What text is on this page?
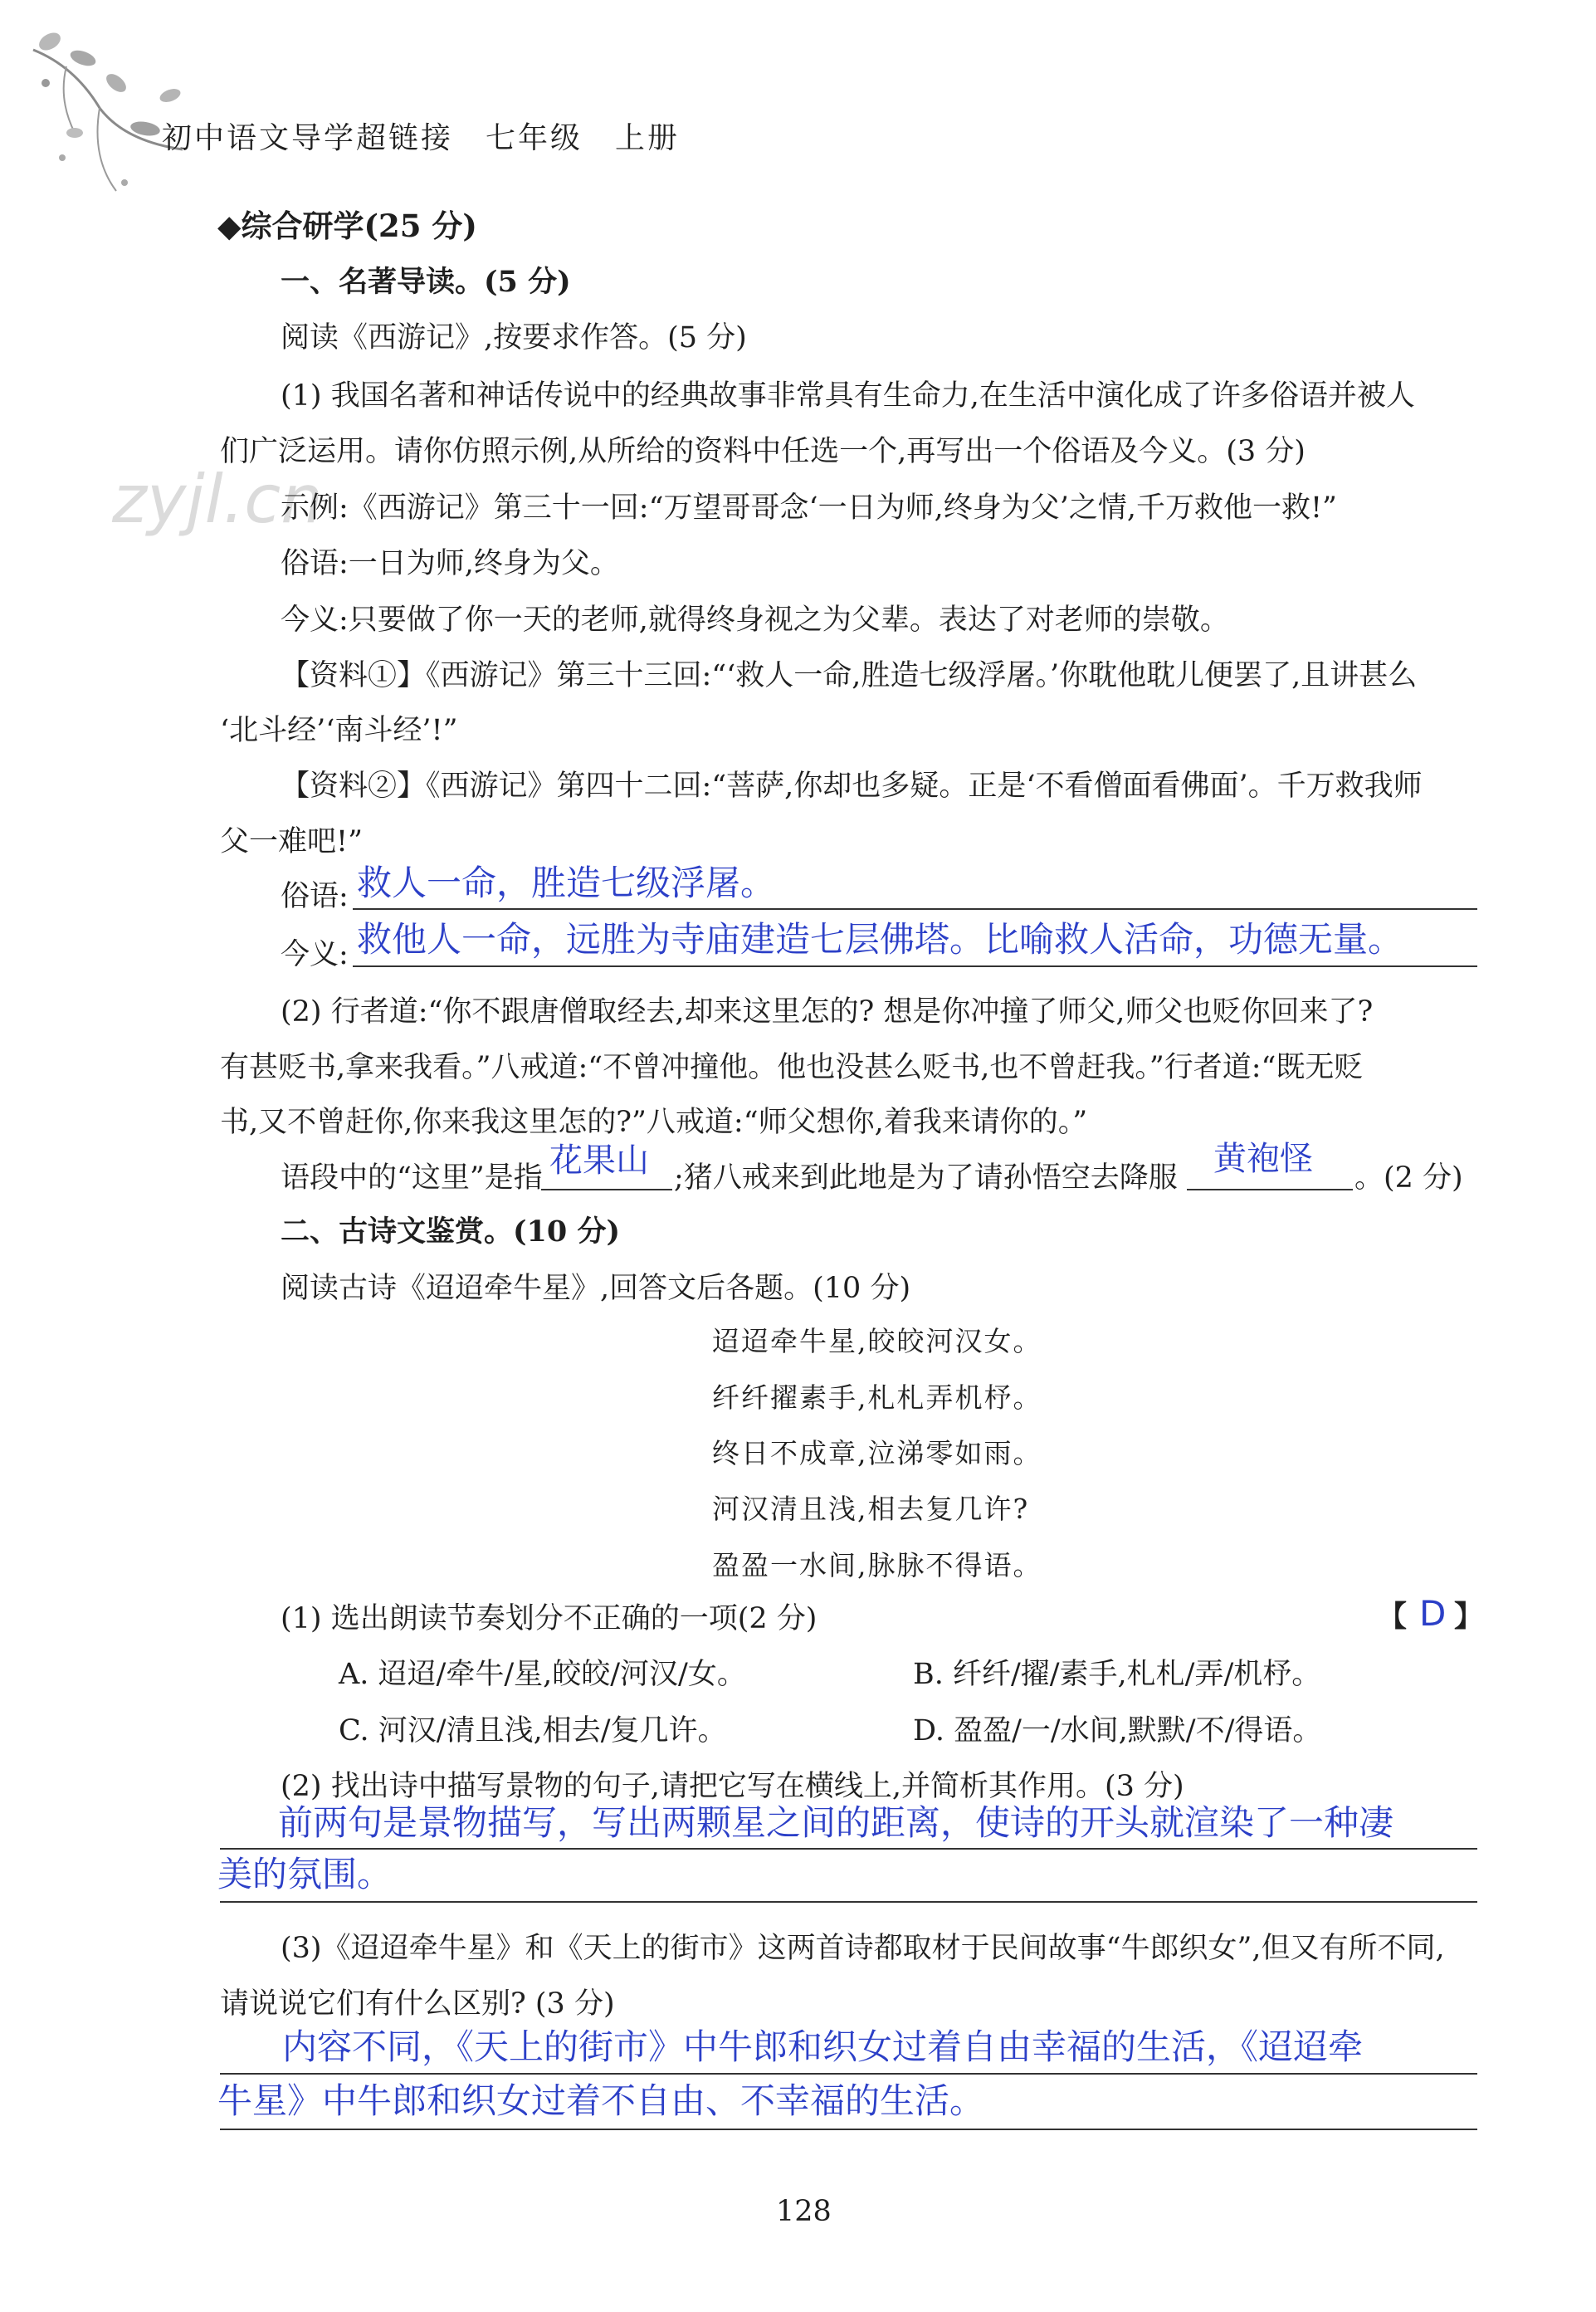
初中语文导学超链接　七年级　上册
zyjl.cn
◆综合研学(25 分)
一、名著导读。(5 分)
阅读《西游记》,按要求作答。(5 分)
(1) 我国名著和神话传说中的经典故事非常具有生命力,在生活中演化成了许多俗语并被人
们广泛运用。请你仿照示例,从所给的资料中任选一个,再写出一个俗语及今义。(3 分)
示例:《西游记》第三十一回:“万望哥哥念‘一日为师,终身为父’之情,千万救他一救!”
俗语:一日为师,终身为父。
今义:只要做了你一天的老师,就得终身视之为父辈。表达了对老师的崇敬。
【资料①】《西游记》第三十三回:“‘救人一命,胜造七级浮屠。’你耽他耽儿便罢了,且讲甚么
‘北斗经’‘南斗经’!”
【资料②】《西游记》第四十二回:“菩萨,你却也多疑。正是‘不看僧面看佛面’。千万救我师
父一难吧!”
俗语: 救人一命，胜造七级浮屠。
今义: 救他人一命，远胜为寺庙建造七层佛塔。比喻救人活命，功德无量。
(2) 行者道:“你不跟唐僧取经去,却来这里怎的? 想是你冲撞了师父,师父也贬你回来了?
有甚贬书,拿来我看。”八戒道:“不曾冲撞他。他也没甚么贬书,也不曾赶我。”行者道:“既无贬
书,又不曾赶你,你来我这里怎的?”八戒道:“师父想你,着我来请你的。”
语段中的“这里”是指 花果山 ;猪八戒来到此地是为了请孙悟空去降服 黄袍怪 。(2 分)
二、古诗文鉴赏。(10 分)
阅读古诗《迢迢牵牛星》,回答文后各题。(10 分)
迢迢牵牛星,皎皎河汉女。
纤纤擢素手,札札弄机杼。
终日不成章,泣涕零如雨。
河汉清且浅,相去复几许?
盈盈一水间,脉脉不得语。
(1) 选出朗读节奏划分不正确的一项(2 分)	【 D 】
A. 迢迢/牵牛/星,皎皎/河汉/女。	B. 纤纤/擢/素手,札札/弄/机杼。
C. 河汉/清且浅,相去/复几许。	D. 盈盈/一/水间,默默/不/得语。
(2) 找出诗中描写景物的句子,请把它写在横线上,并简析其作用。(3 分)
前两句是景物描写，写出两颗星之间的距离，使诗的开头就渲染了一种凄
美的氛围。
(3)《迢迢牵牛星》和《天上的街市》这两首诗都取材于民间故事“牛郎织女”,但又有所不同,
请说说它们有什么区别? (3 分)
内容不同，《天上的街市》中牛郎和织女过着自由幸福的生活，《迢迢牵
牛星》中牛郎和织女过着不自由、不幸福的生活。
128
